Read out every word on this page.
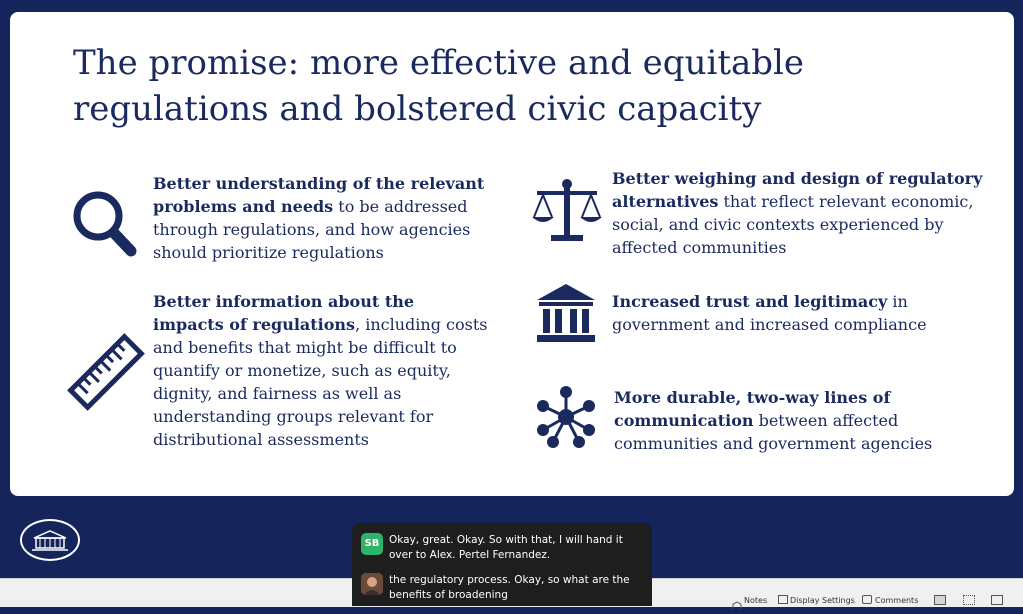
The promise: more effective and equitable
regulations and bolstered civic capacity
Better understanding of the relevant problems and needs to be addressed through regulations, and how agencies should prioritize regulations
Better weighing and design of regulatory alternatives that reflect relevant economic, social, and civic contexts experienced by affected communities
Better information about the impacts of regulations, including costs and benefits that might be difficult to quantify or monetize, such as equity, dignity, and fairness as well as understanding groups relevant for distributional assessments
Increased trust and legitimacy in government and increased compliance
More durable, two-way lines of communication between affected communities and government agencies
Notes	Display Settings	Comments
SB Okay, great. Okay. So with that, I will hand it over to Alex. Pertel Fernandez.
the regulatory process. Okay, so what are the benefits of broadening
